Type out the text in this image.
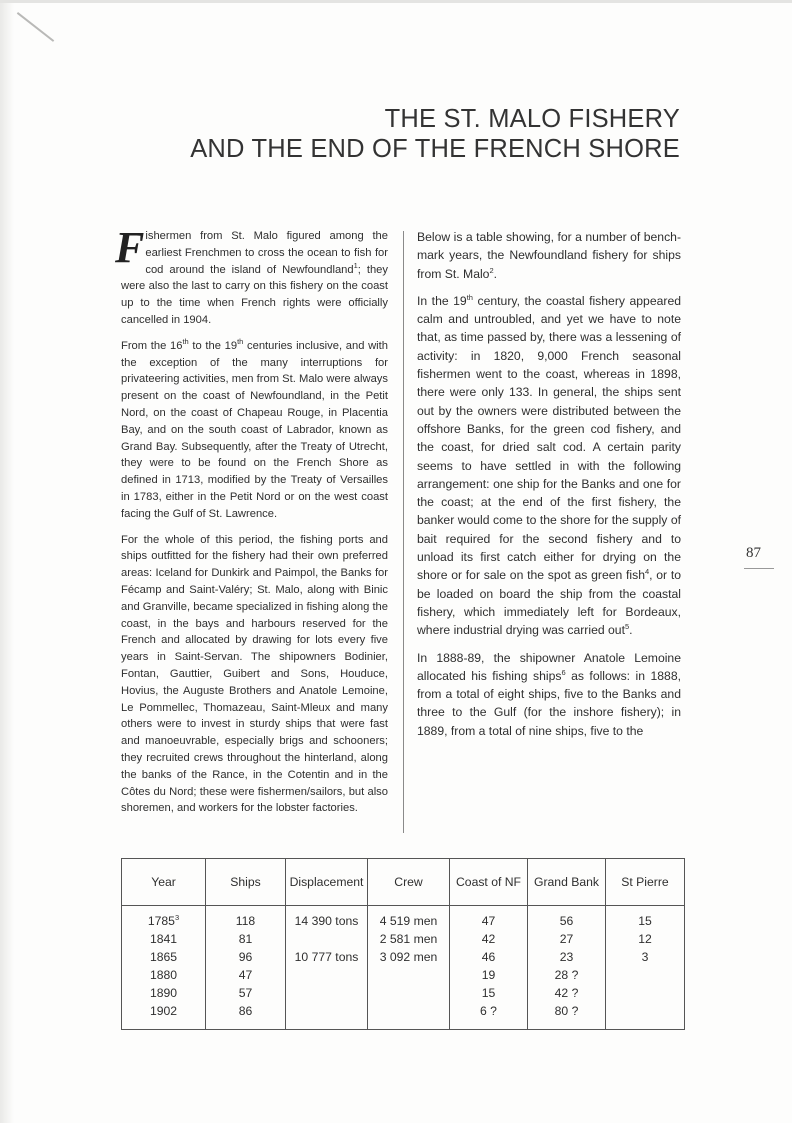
THE ST. MALO FISHERY
AND THE END OF THE FRENCH SHORE

Fishermen from St. Malo figured among the earliest Frenchmen to cross the ocean to fish for cod around the island of Newfoundland$^1$; they were also the last to carry on this fishery on the coast up to the time when French rights were officially cancelled in 1904.

From the 16th to the 19th centuries inclusive, and with the exception of the many interruptions for privateering activities, men from St. Malo were always present on the coast of Newfoundland, in the Petit Nord, on the coast of Chapeau Rouge, in Placentia Bay, and on the south coast of Labrador, known as Grand Bay. Subsequently, after the Treaty of Utrecht, they were to be found on the French Shore as defined in 1713, modified by the Treaty of Versailles in 1783, either in the Petit Nord or on the west coast facing the Gulf of St. Lawrence.

For the whole of this period, the fishing ports and ships outfitted for the fishery had their own preferred areas: Iceland for Dunkirk and Paimpol, the Banks for Fécamp and Saint-Valéry; St. Malo, along with Binic and Granville, became specialized in fishing along the coast, in the bays and harbours reserved for the French and allocated by drawing for lots every five years in Saint-Servan. The shipowners Bodinier, Fontan, Gauttier, Guibert and Sons, Houduce, Hovius, the Auguste Brothers and Anatole Lemoine, Le Pommellec, Thomazeau, Saint-Mleux and many others were to invest in sturdy ships that were fast and manoeuvrable, especially brigs and schooners; they recruited crews throughout the hinterland, along the banks of the Rance, in the Cotentin and in the Côtes du Nord; these were fishermen/sailors, but also shoremen, and workers for the lobster factories.

Below is a table showing, for a number of bench-mark years, the Newfoundland fishery for ships from St. Malo$^2$.

In the 19th century, the coastal fishery appeared calm and untroubled, and yet we have to note that, as time passed by, there was a lessening of activity: in 1820, 9,000 French seasonal fishermen went to the coast, whereas in 1898, there were only 133. In general, the ships sent out by the owners were distributed between the offshore Banks, for the green cod fishery, and the coast, for dried salt cod. A certain parity seems to have settled in with the following arrangement: one ship for the Banks and one for the coast; at the end of the first fishery, the banker would come to the shore for the supply of bait required for the second fishery and to unload its first catch either for drying on the shore or for sale on the spot as green fish$^4$, or to be loaded on board the ship from the coastal fishery, which immediately left for Bordeaux, where industrial drying was carried out$^5$.

In 1888-89, the shipowner Anatole Lemoine allocated his fishing ships$^6$ as follows: in 1888, from a total of eight ships, five to the Banks and three to the Gulf (for the inshore fishery); in 1889, from a total of nine ships, five to the

87
Year	Ships	Displacement	Crew	Coast of NF	Grand Bank	St Pierre
1785$^3$	118	14 390 tons	4 519 men	47	56	15
1841	81		2 581 men	42	27	12
1865	96	10 777 tons	3 092 men	46	23	3
1880	47			19	28 ?	
1890	57			15	42 ?	
1902	86			6 ?	80 ?	
